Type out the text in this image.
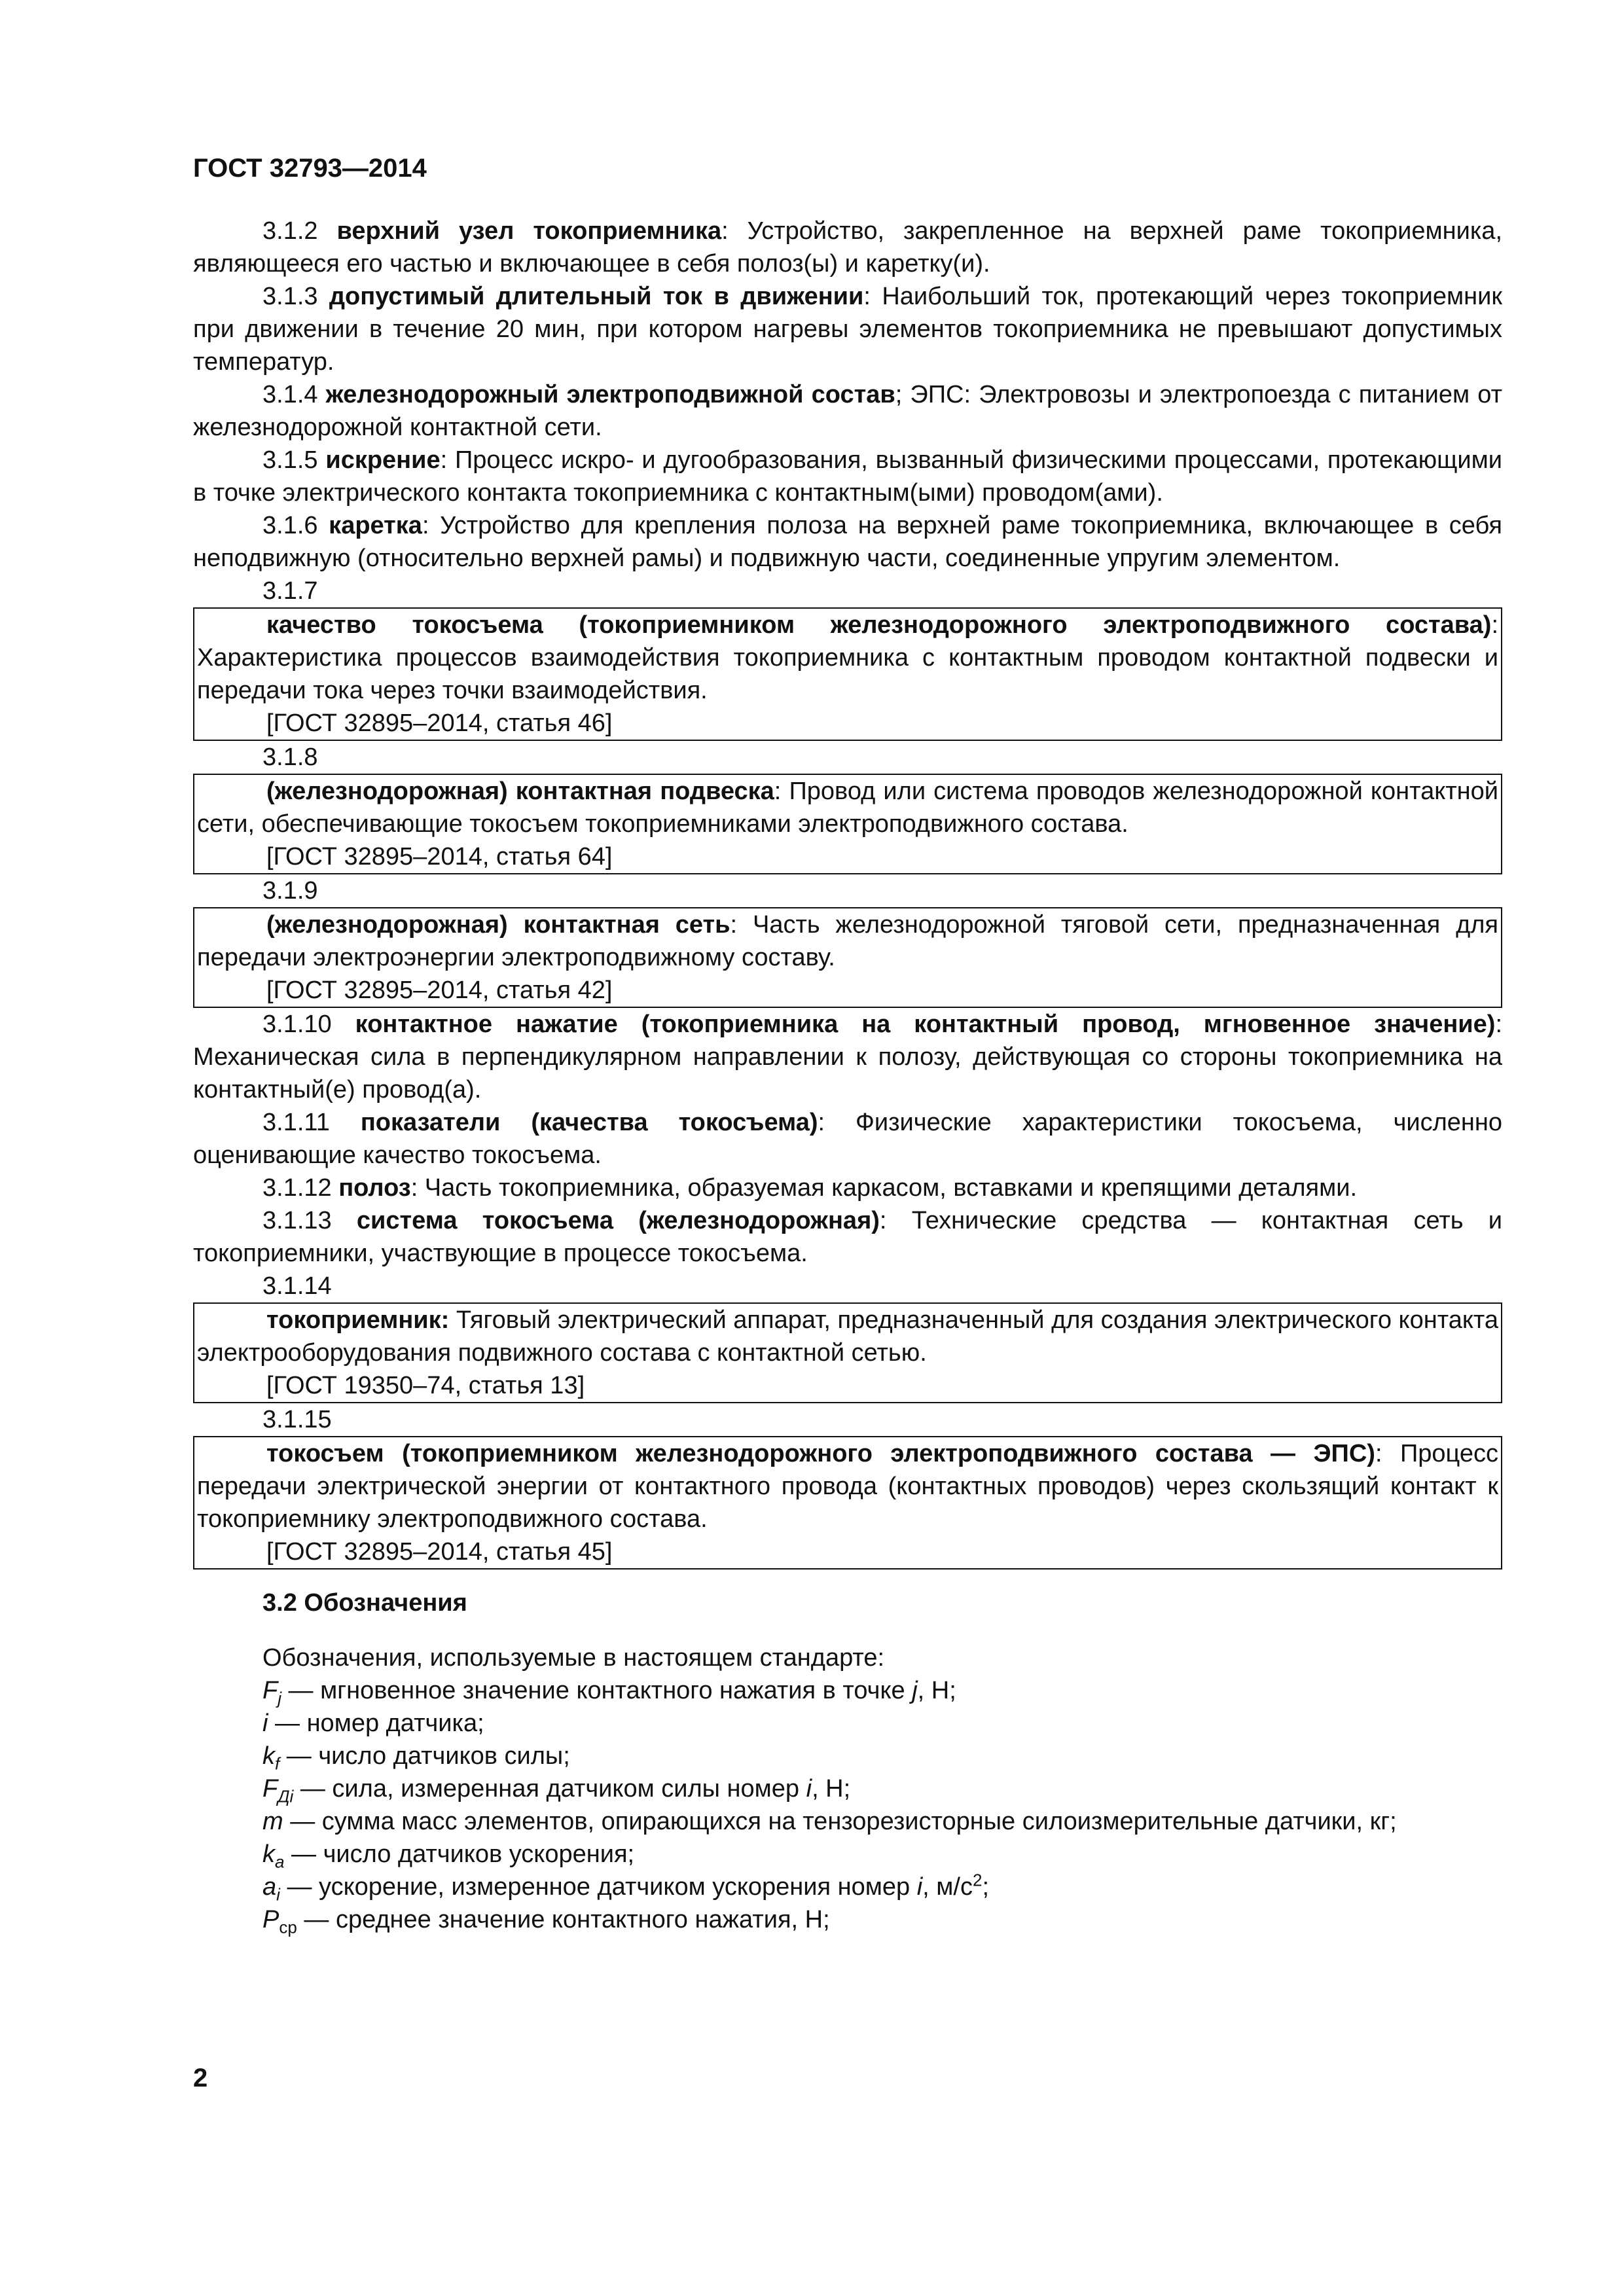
ГОСТ 32793—2014
3.1.2 верхний узел токоприемника: Устройство, закрепленное на верхней раме токоприемника, являющееся его частью и включающее в себя полоз(ы) и каретку(и).
3.1.3 допустимый длительный ток в движении: Наибольший ток, протекающий через токоприемник при движении в течение 20 мин, при котором нагревы элементов токоприемника не превышают допустимых температур.
3.1.4 железнодорожный электроподвижной состав; ЭПС: Электровозы и электропоезда с питанием от железнодорожной контактной сети.
3.1.5 искрение: Процесс искро- и дугообразования, вызванный физическими процессами, протекающими в точке электрического контакта токоприемника с контактным(ыми) проводом(ами).
3.1.6 каретка: Устройство для крепления полоза на верхней раме токоприемника, включающее в себя неподвижную (относительно верхней рамы) и подвижную части, соединенные упругим элементом.
3.1.7
качество токосъема (токоприемником железнодорожного электроподвижного состава): Характеристика процессов взаимодействия токоприемника с контактным проводом контактной подвески и передачи тока через точки взаимодействия.
[ГОСТ 32895–2014, статья 46]
3.1.8
(железнодорожная) контактная подвеска: Провод или система проводов железнодорожной контактной сети, обеспечивающие токосъем токоприемниками электроподвижного состава.
[ГОСТ 32895–2014, статья 64]
3.1.9
(железнодорожная) контактная сеть: Часть железнодорожной тяговой сети, предназначенная для передачи электроэнергии электроподвижному составу.
[ГОСТ 32895–2014, статья 42]
3.1.10 контактное нажатие (токоприемника на контактный провод, мгновенное значение): Механическая сила в перпендикулярном направлении к полозу, действующая со стороны токоприемника на контактный(е) провод(а).
3.1.11 показатели (качества токосъема): Физические характеристики токосъема, численно оценивающие качество токосъема.
3.1.12 полоз: Часть токоприемника, образуемая каркасом, вставками и крепящими деталями.
3.1.13 система токосъема (железнодорожная): Технические средства — контактная сеть и токоприемники, участвующие в процессе токосъема.
3.1.14
токоприемник: Тяговый электрический аппарат, предназначенный для создания электрического контакта электрооборудования подвижного состава с контактной сетью.
[ГОСТ 19350–74, статья 13]
3.1.15
токосъем (токоприемником железнодорожного электроподвижного состава — ЭПС): Процесс передачи электрической энергии от контактного провода (контактных проводов) через скользящий контакт к токоприемнику электроподвижного состава.
[ГОСТ 32895–2014, статья 45]
3.2 Обозначения
Обозначения, используемые в настоящем стандарте:
$F_j$ — мгновенное значение контактного нажатия в точке j, Н;
i — номер датчика;
$k_f$ — число датчиков силы;
$F_{Дi}$ — сила, измеренная датчиком силы номер i, Н;
m — сумма масс элементов, опирающихся на тензорезисторные силоизмерительные датчики, кг;
$k_a$ — число датчиков ускорения;
$a_i$ — ускорение, измеренное датчиком ускорения номер i, $м/с^2$;
$P_{ср}$ — среднее значение контактного нажатия, Н;
2
